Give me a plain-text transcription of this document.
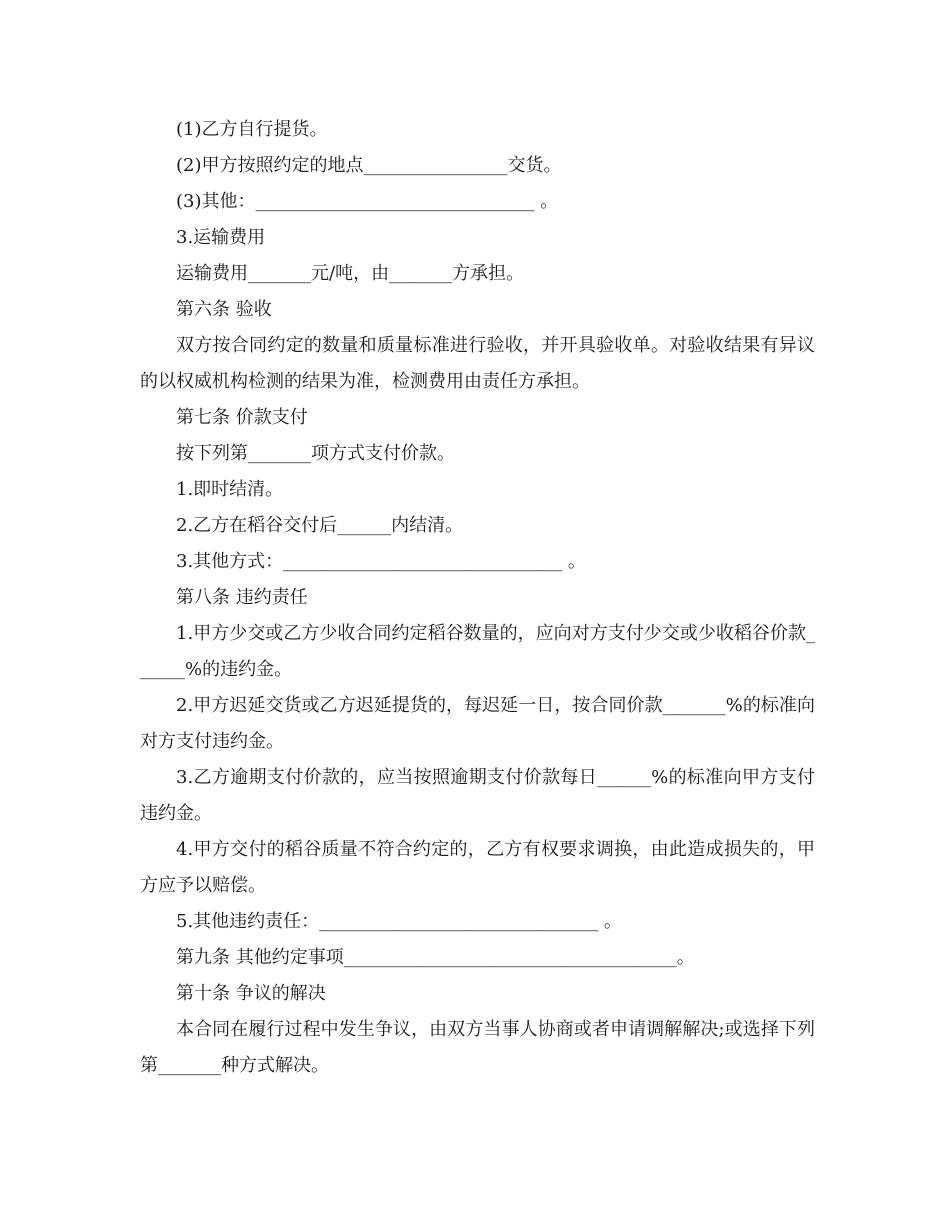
(1)乙方自行提货。

(2)甲方按照约定的地点________________交货。

(3)其他：_______________________________ 。

3.运输费用

运输费用_______元/吨，由_______方承担。

第六条 验收

双方按合同约定的数量和质量标准进行验收，并开具验收单。对验收结果有异议的以权威机构检测的结果为准，检测费用由责任方承担。

第七条 价款支付

按下列第_______项方式支付价款。

1.即时结清。

2.乙方在稻谷交付后______内结清。

3.其他方式：_______________________________ 。

第八条 违约责任

1.甲方少交或乙方少收合同约定稻谷数量的，应向对方支付少交或少收稻谷价款______%的违约金。

2.甲方迟延交货或乙方迟延提货的，每迟延一日，按合同价款_______%的标准向对方支付违约金。

3.乙方逾期支付价款的，应当按照逾期支付价款每日______%的标准向甲方支付违约金。

4.甲方交付的稻谷质量不符合约定的，乙方有权要求调换，由此造成损失的，甲方应予以赔偿。

5.其他违约责任：_______________________________ 。

第九条 其他约定事项_____________________________________。

第十条 争议的解决

本合同在履行过程中发生争议，由双方当事人协商或者申请调解解决;或选择下列第_______种方式解决。
